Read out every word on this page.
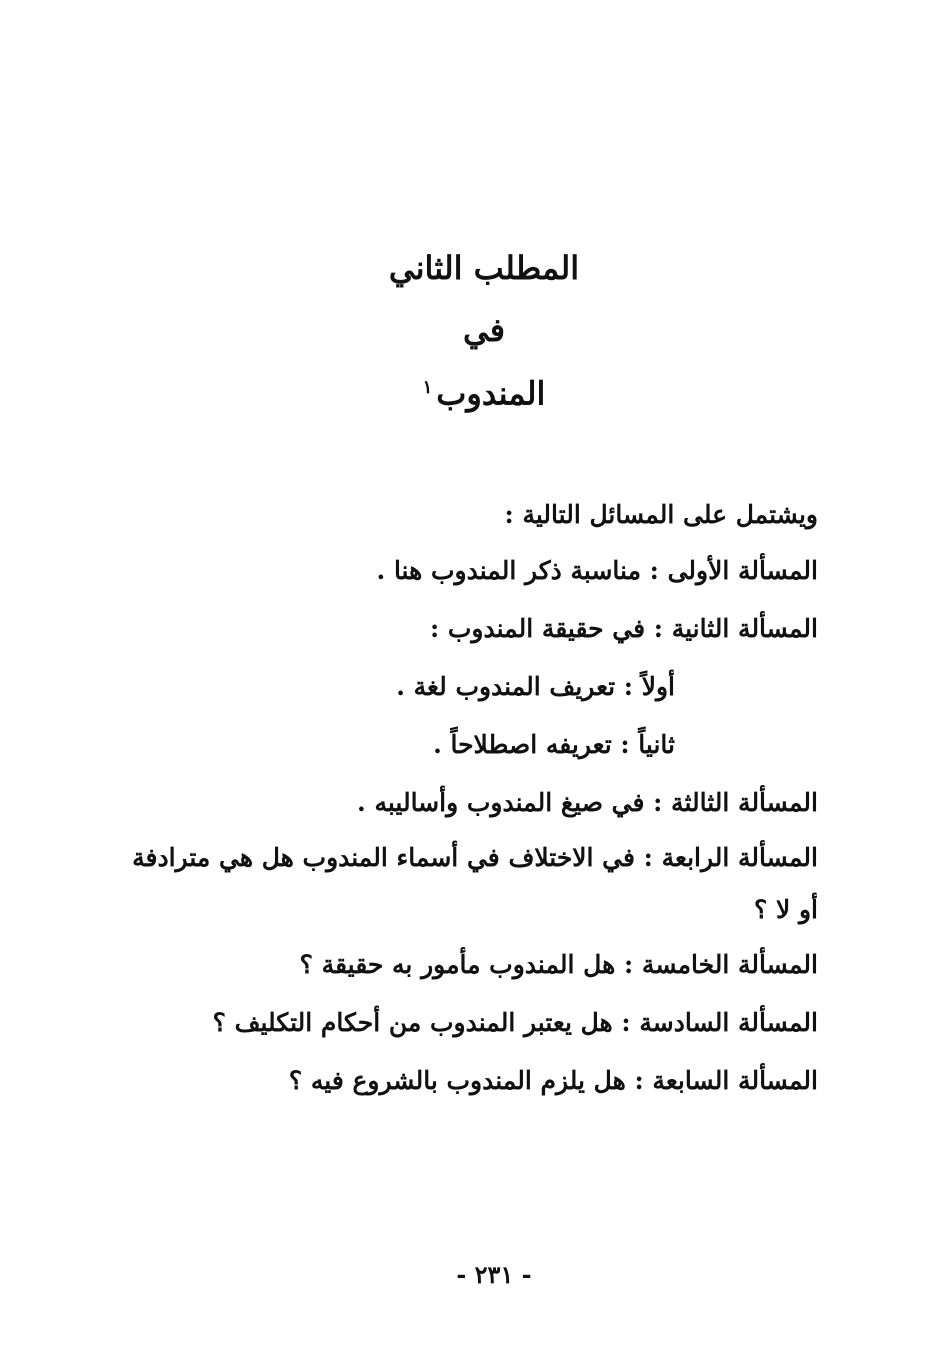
المطلب الثاني
في
المندوب$^١$
ويشتمل على المسائل التالية :
المسألة الأولى : مناسبة ذكر المندوب هنا .
المسألة الثانية : في حقيقة المندوب :
أولاً : تعريف المندوب لغة .
ثانياً : تعريفه اصطلاحاً .
المسألة الثالثة : في صيغ المندوب وأساليبه .
المسألة الرابعة : في الاختلاف في أسماء المندوب هل هي مترادفة أو لا ؟
المسألة الخامسة : هل المندوب مأمور به حقيقة ؟
المسألة السادسة : هل يعتبر المندوب من أحكام التكليف ؟
المسألة السابعة : هل يلزم المندوب بالشروع فيه ؟
- ٢٣١ -
